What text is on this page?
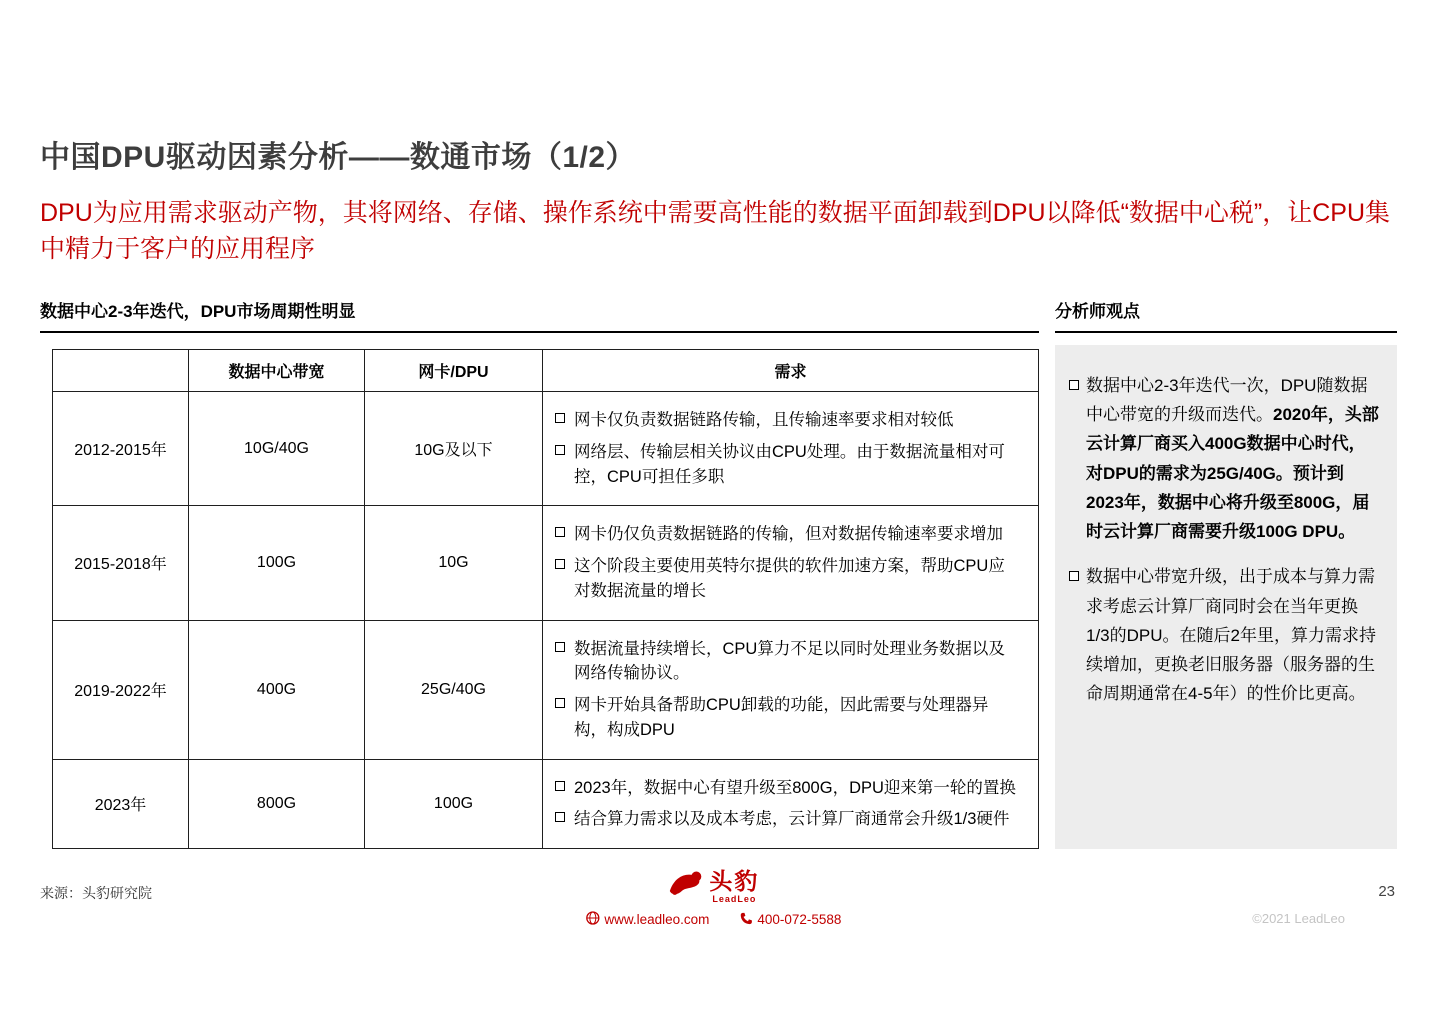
中国DPU驱动因素分析——数通市场（1/2）

DPU为应用需求驱动产物，其将网络、存储、操作系统中需要高性能的数据平面卸载到DPU以降低“数据中心税”，让CPU集中精力于客户的应用程序

数据中心2-3年迭代，DPU市场周期性明显
	数据中心带宽	网卡/DPU	需求
2012-2015年	10G/40G	10G及以下	网卡仅负责数据链路传输，且传输速率要求相对较低
网络层、传输层相关协议由CPU处理。由于数据流量相对可控，CPU可担任多职

2015-2018年	100G	10G	网卡仍仅负责数据链路的传输，但对数据传输速率要求增加
这个阶段主要使用英特尔提供的软件加速方案，帮助CPU应对数据流量的增长

2019-2022年	400G	25G/40G	数据流量持续增长，CPU算力不足以同时处理业务数据以及网络传输协议。
网卡开始具备帮助CPU卸载的功能，因此需要与处理器异构，构成DPU

2023年	800G	100G	2023年，数据中心有望升级至800G，DPU迎来第一轮的置换
结合算力需求以及成本考虑，云计算厂商通常会升级1/3硬件
分析师观点
数据中心2-3年迭代一次，DPU随数据中心带宽的升级而迭代。2020年，头部云计算厂商买入400G数据中心时代，对DPU的需求为25G/40G。预计到2023年，数据中心将升级至800G，届时云计算厂商需要升级100G DPU。
数据中心带宽升级，出于成本与算力需求考虑云计算厂商同时会在当年更换1/3的DPU。在随后2年里，算力需求持续增加，更换老旧服务器（服务器的生命周期通常在4-5年）的性价比更高。
来源：头豹研究院	头豹
LeadLeo
www.leadleo.com	400-072-5588
23
©2021 LeadLeo
